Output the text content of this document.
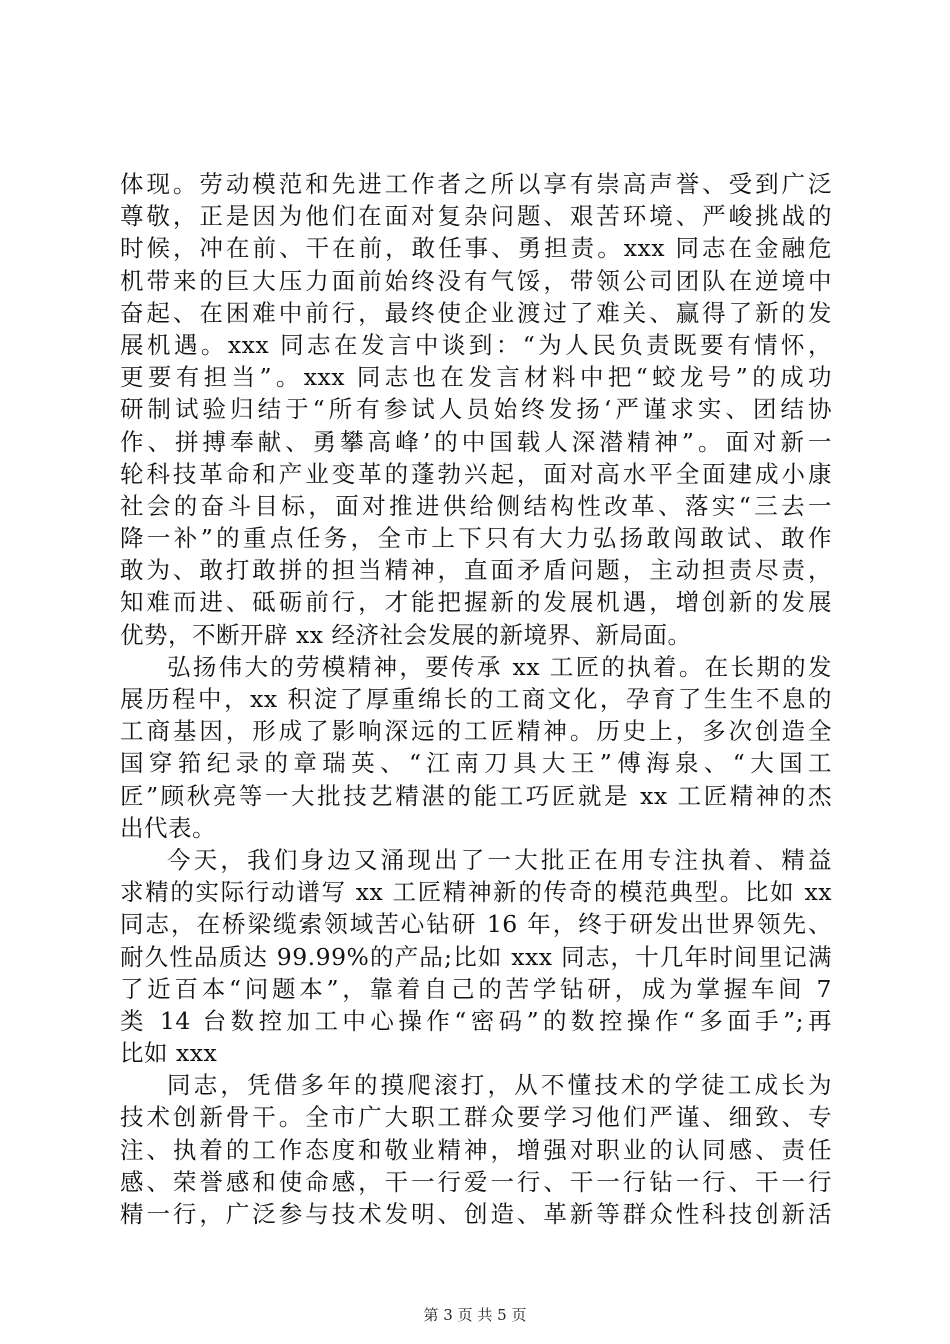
体现。劳动模范和先进工作者之所以享有崇高声誉、受到广泛
尊敬，正是因为他们在面对复杂问题、艰苦环境、严峻挑战的
时候，冲在前、干在前，敢任事、勇担责。xxx 同志在金融危
机带来的巨大压力面前始终没有气馁，带领公司团队在逆境中
奋起、在困难中前行，最终使企业渡过了难关、赢得了新的发
展机遇。xxx 同志在发言中谈到：“为人民负责既要有情怀，
更要有担当”。xxx 同志也在发言材料中把“蛟龙号”的成功
研制试验归结于“所有参试人员始终发扬‘严谨求实、团结协
作、拼搏奉献、勇攀高峰’的中国载人深潜精神”。面对新一
轮科技革命和产业变革的蓬勃兴起，面对高水平全面建成小康
社会的奋斗目标，面对推进供给侧结构性改革、落实“三去一
降一补”的重点任务，全市上下只有大力弘扬敢闯敢试、敢作
敢为、敢打敢拼的担当精神，直面矛盾问题，主动担责尽责，
知难而进、砥砺前行，才能把握新的发展机遇，增创新的发展
优势，不断开辟 xx 经济社会发展的新境界、新局面。
弘扬伟大的劳模精神，要传承 xx 工匠的执着。在长期的发
展历程中，xx 积淀了厚重绵长的工商文化，孕育了生生不息的
工商基因，形成了影响深远的工匠精神。历史上，多次创造全
国穿筘纪录的章瑞英、“江南刀具大王”傅海泉、“大国工
匠”顾秋亮等一大批技艺精湛的能工巧匠就是 xx 工匠精神的杰
出代表。
今天，我们身边又涌现出了一大批正在用专注执着、精益
求精的实际行动谱写 xx 工匠精神新的传奇的模范典型。比如 xx
同志，在桥梁缆索领域苦心钻研 16 年，终于研发出世界领先、
耐久性品质达 99.99%的产品;比如 xxx 同志，十几年时间里记满
了近百本“问题本”，靠着自己的苦学钻研，成为掌握车间 7
类 14 台数控加工中心操作“密码”的数控操作“多面手”;再
比如 xxx
同志，凭借多年的摸爬滚打，从不懂技术的学徒工成长为
技术创新骨干。全市广大职工群众要学习他们严谨、细致、专
注、执着的工作态度和敬业精神，增强对职业的认同感、责任
感、荣誉感和使命感，干一行爱一行、干一行钻一行、干一行
精一行，广泛参与技术发明、创造、革新等群众性科技创新活
第 3 页 共 5 页
